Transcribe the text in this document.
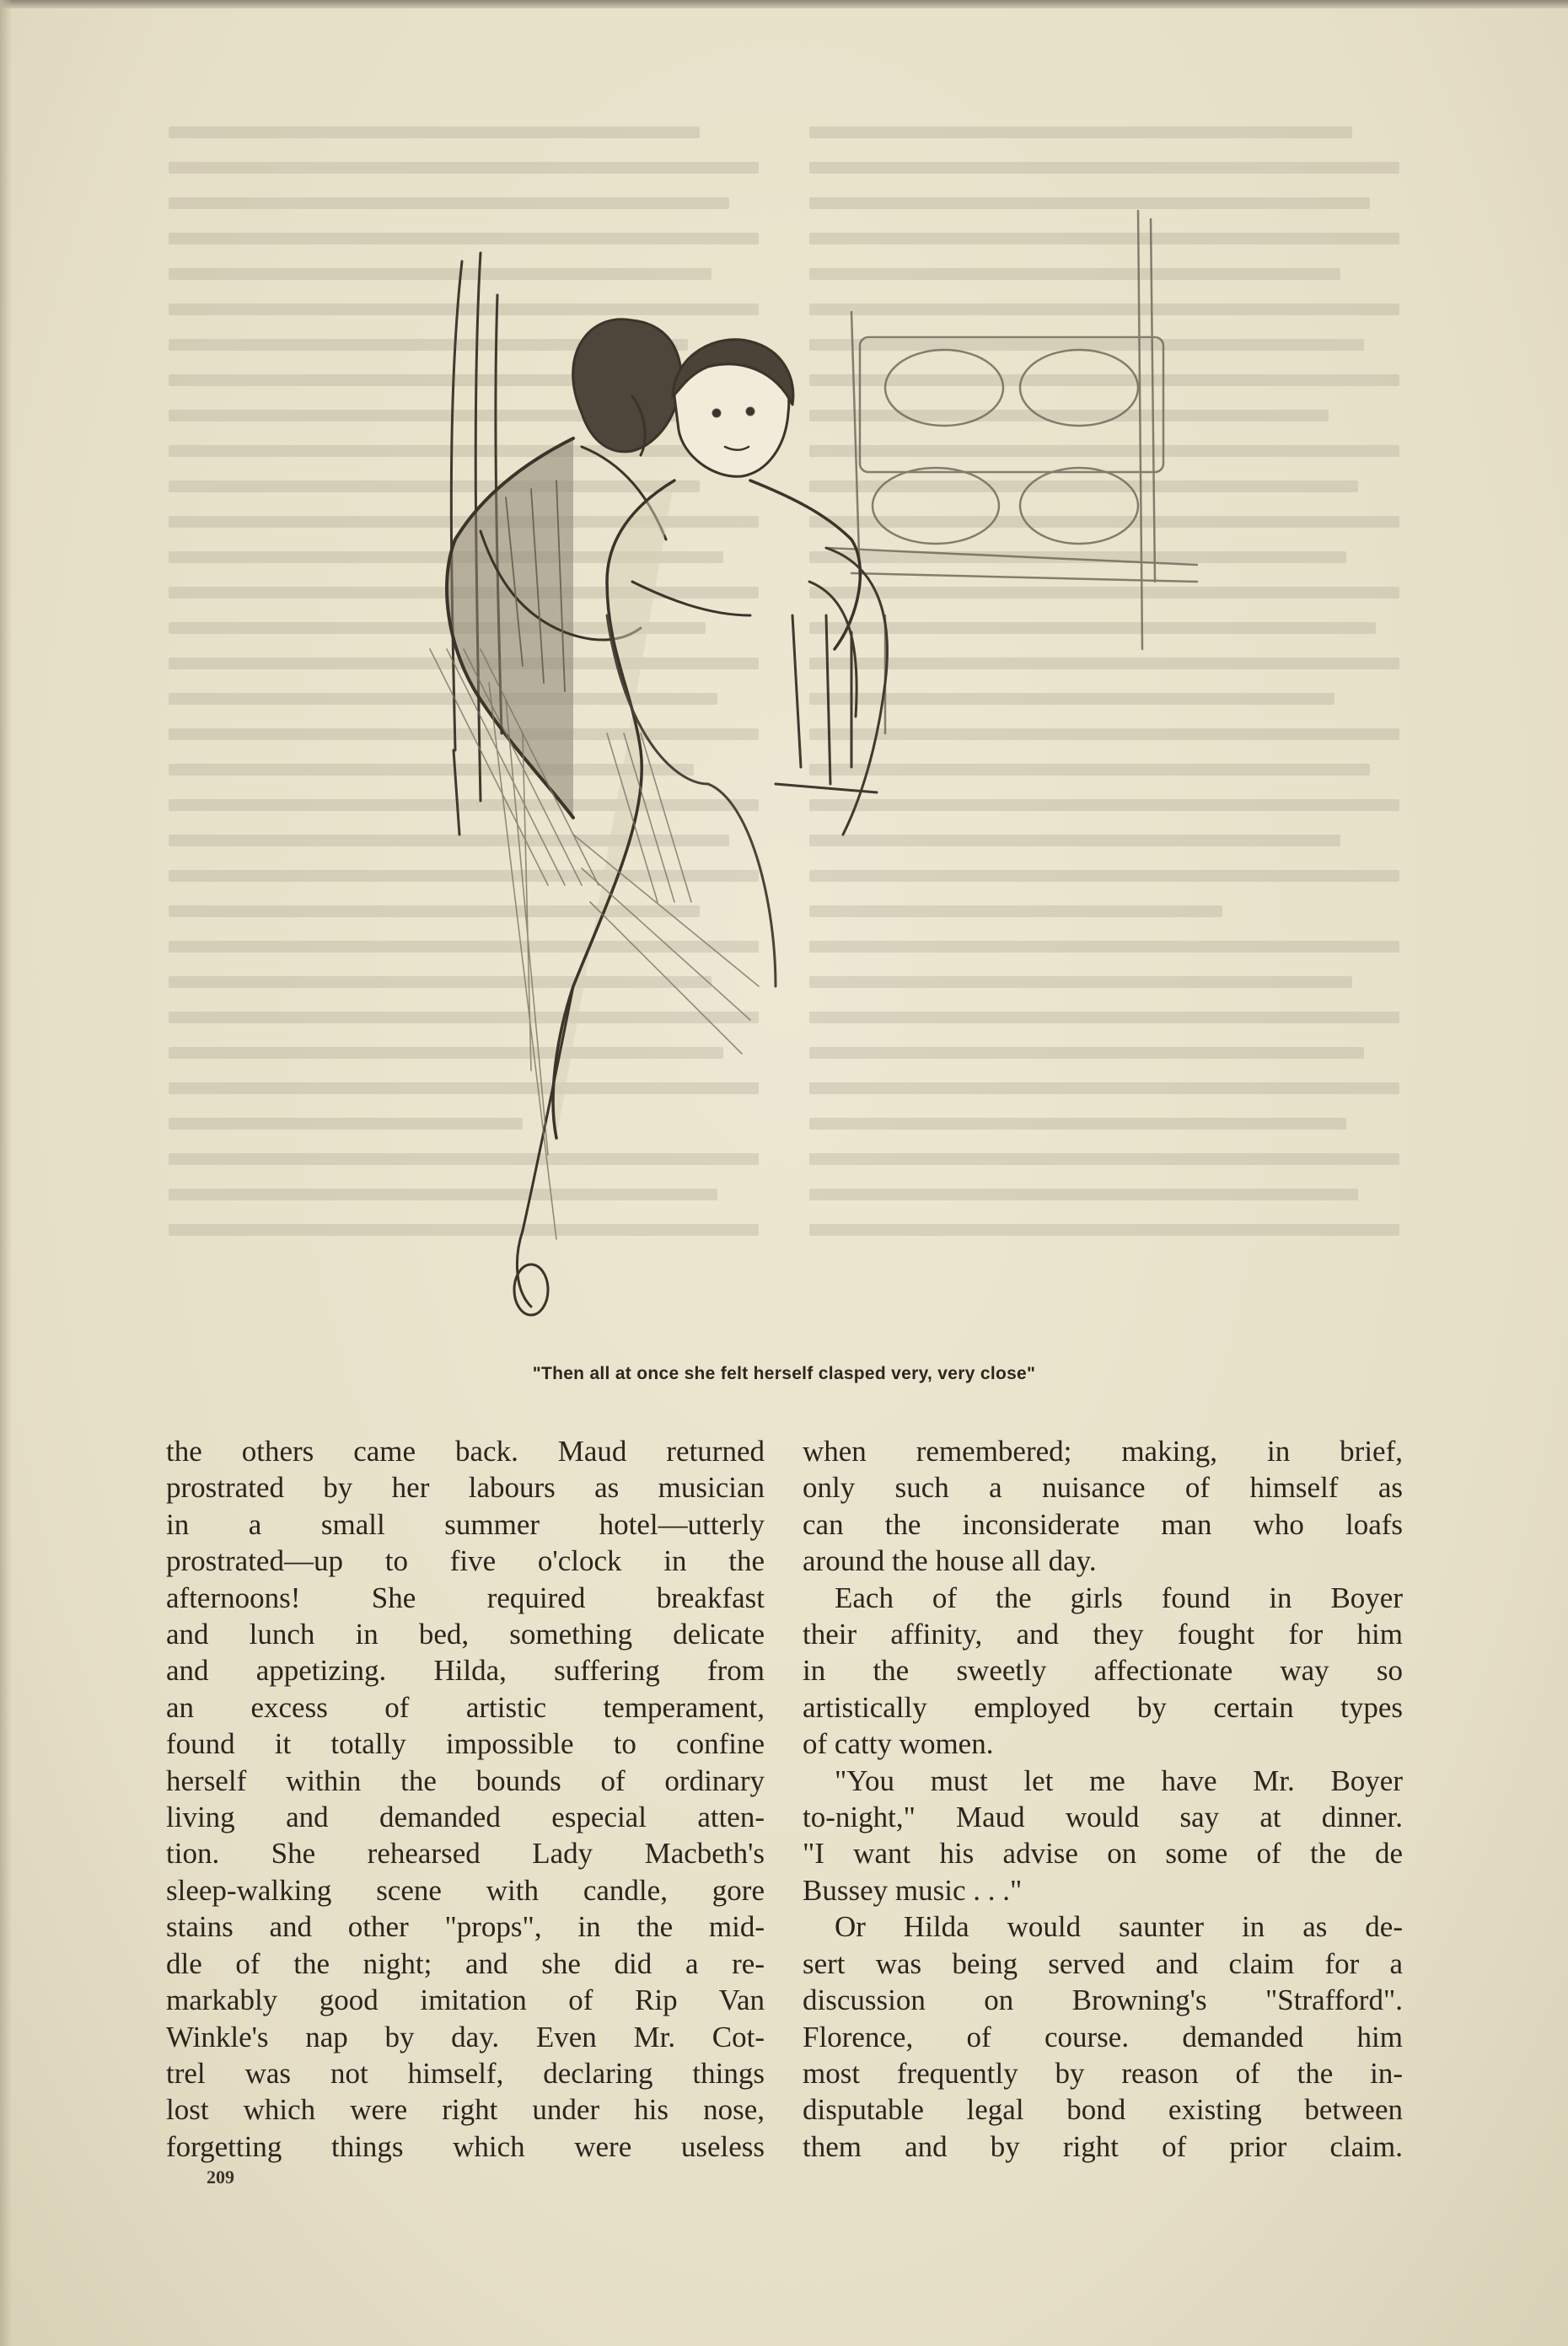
"Then all at once she felt herself clasped very, very close"

the others came back. Maud returned
prostrated by her labours as musician
in a small summer hotel—utterly
prostrated—up to five o'clock in the
afternoons! She required breakfast
and lunch in bed, something delicate
and appetizing. Hilda, suffering from
an excess of artistic temperament,
found it totally impossible to confine
herself within the bounds of ordinary
living and demanded especial atten-
tion. She rehearsed Lady Macbeth's
sleep-walking scene with candle, gore
stains and other "props", in the mid-
dle of the night; and she did a re-
markably good imitation of Rip Van
Winkle's nap by day. Even Mr. Cot-
trel was not himself, declaring things
lost which were right under his nose,
forgetting things which were useless

when remembered; making, in brief,
only such a nuisance of himself as
can the inconsiderate man who loafs
around the house all day.

Each of the girls found in Boyer
their affinity, and they fought for him
in the sweetly affectionate way so
artistically employed by certain types
of catty women.

"You must let me have Mr. Boyer
to-night," Maud would say at dinner.
"I want his advise on some of the de
Bussey music . . ."

Or Hilda would saunter in as de-
sert was being served and claim for a
discussion on Browning's "Strafford".
Florence, of course. demanded him
most frequently by reason of the in-
disputable legal bond existing between
them and by right of prior claim.

209
